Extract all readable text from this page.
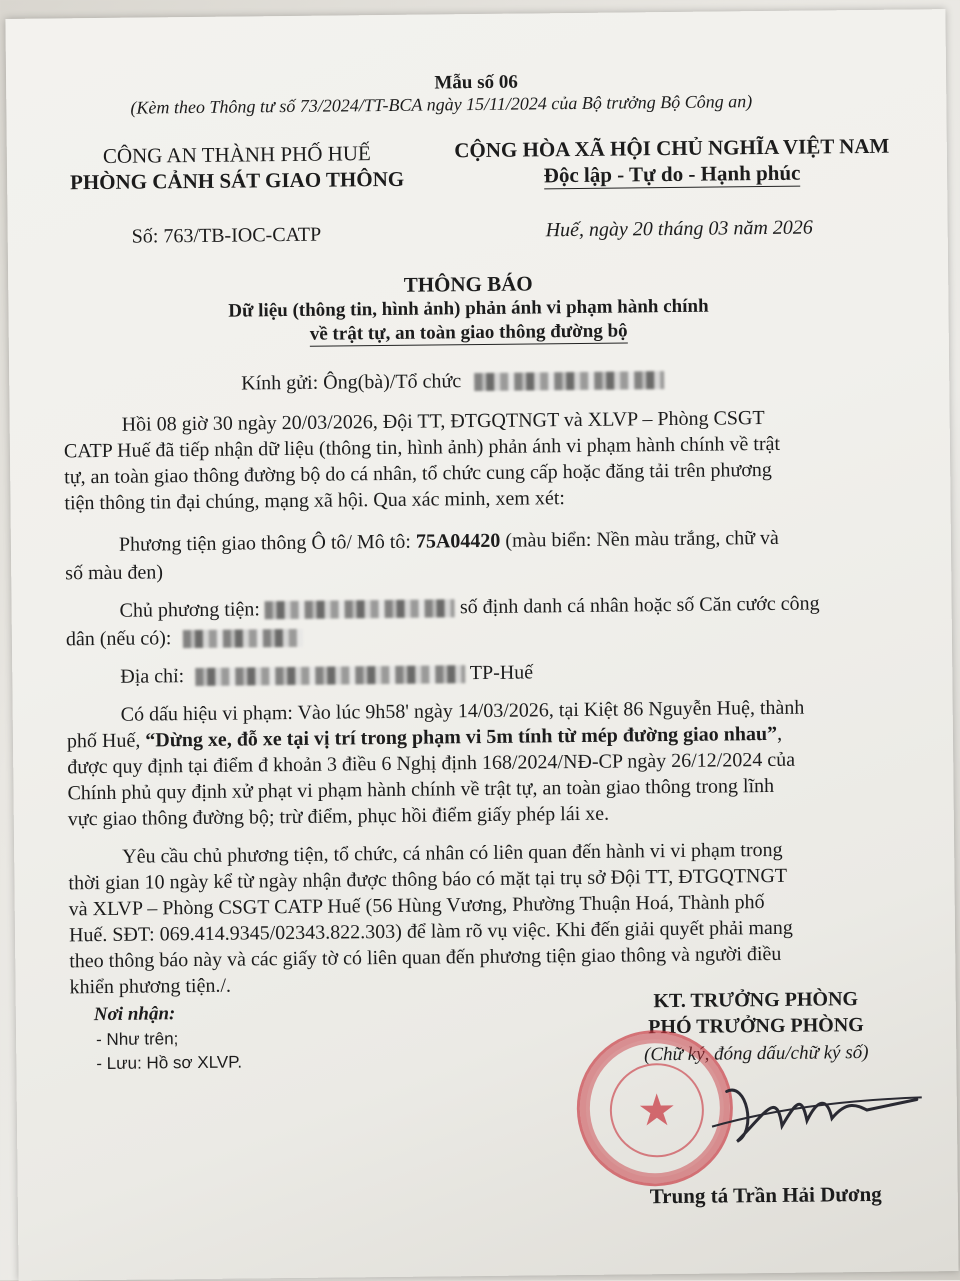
Mẫu số 06
(Kèm theo Thông tư số 73/2024/TT-BCA ngày 15/11/2024 của Bộ trưởng Bộ Công an)
CÔNG AN THÀNH PHỐ HUẾ
PHÒNG CẢNH SÁT GIAO THÔNG
CỘNG HÒA XÃ HỘI CHỦ NGHĨA VIỆT NAM
Độc lập - Tự do - Hạnh phúc
Số: 763/TB-IOC-CATP	Huế, ngày 20 tháng 03 năm 2026
THÔNG BÁO
Dữ liệu (thông tin, hình ảnh) phản ánh vi phạm hành chính
về trật tự, an toàn giao thông đường bộ
Kính gửi: Ông(bà)/Tổ chức
Hồi 08 giờ 30 ngày 20/03/2026, Đội TT, ĐTGQTNGT và XLVP – Phòng CSGT
CATP Huế đã tiếp nhận dữ liệu (thông tin, hình ảnh) phản ánh vi phạm hành chính về trật
tự, an toàn giao thông đường bộ do cá nhân, tổ chức cung cấp hoặc đăng tải trên phương
tiện thông tin đại chúng, mạng xã hội. Qua xác minh, xem xét:
Phương tiện giao thông Ô tô/ Mô tô: 75A04420 (màu biển: Nền màu trắng, chữ và
số màu đen)
Chủ phương tiện:	số định danh cá nhân hoặc số Căn cước công
dân (nếu có):
Địa chỉ:	TP-Huế
Có dấu hiệu vi phạm: Vào lúc 9h58' ngày 14/03/2026, tại Kiệt 86 Nguyễn Huệ, thành
phố Huế, “Dừng xe, đỗ xe tại vị trí trong phạm vi 5m tính từ mép đường giao nhau”,
được quy định tại điểm đ khoản 3 điều 6 Nghị định 168/2024/NĐ-CP ngày 26/12/2024 của
Chính phủ quy định xử phạt vi phạm hành chính về trật tự, an toàn giao thông trong lĩnh
vực giao thông đường bộ; trừ điểm, phục hồi điểm giấy phép lái xe.
Yêu cầu chủ phương tiện, tổ chức, cá nhân có liên quan đến hành vi vi phạm trong
thời gian 10 ngày kể từ ngày nhận được thông báo có mặt tại trụ sở Đội TT, ĐTGQTNGT
và XLVP – Phòng CSGT CATP Huế (56 Hùng Vương, Phường Thuận Hoá, Thành phố
Huế. SĐT: 069.414.9345/02343.822.303) để làm rõ vụ việc. Khi đến giải quyết phải mang
theo thông báo này và các giấy tờ có liên quan đến phương tiện giao thông và người điều
khiển phương tiện./.
Nơi nhận:
- Như trên;
- Lưu: Hồ sơ XLVP.
KT. TRƯỞNG PHÒNG
PHÓ TRƯỞNG PHÒNG
(Chữ ký, đóng dấu/chữ ký số)
★
Trung tá Trần Hải Dương
